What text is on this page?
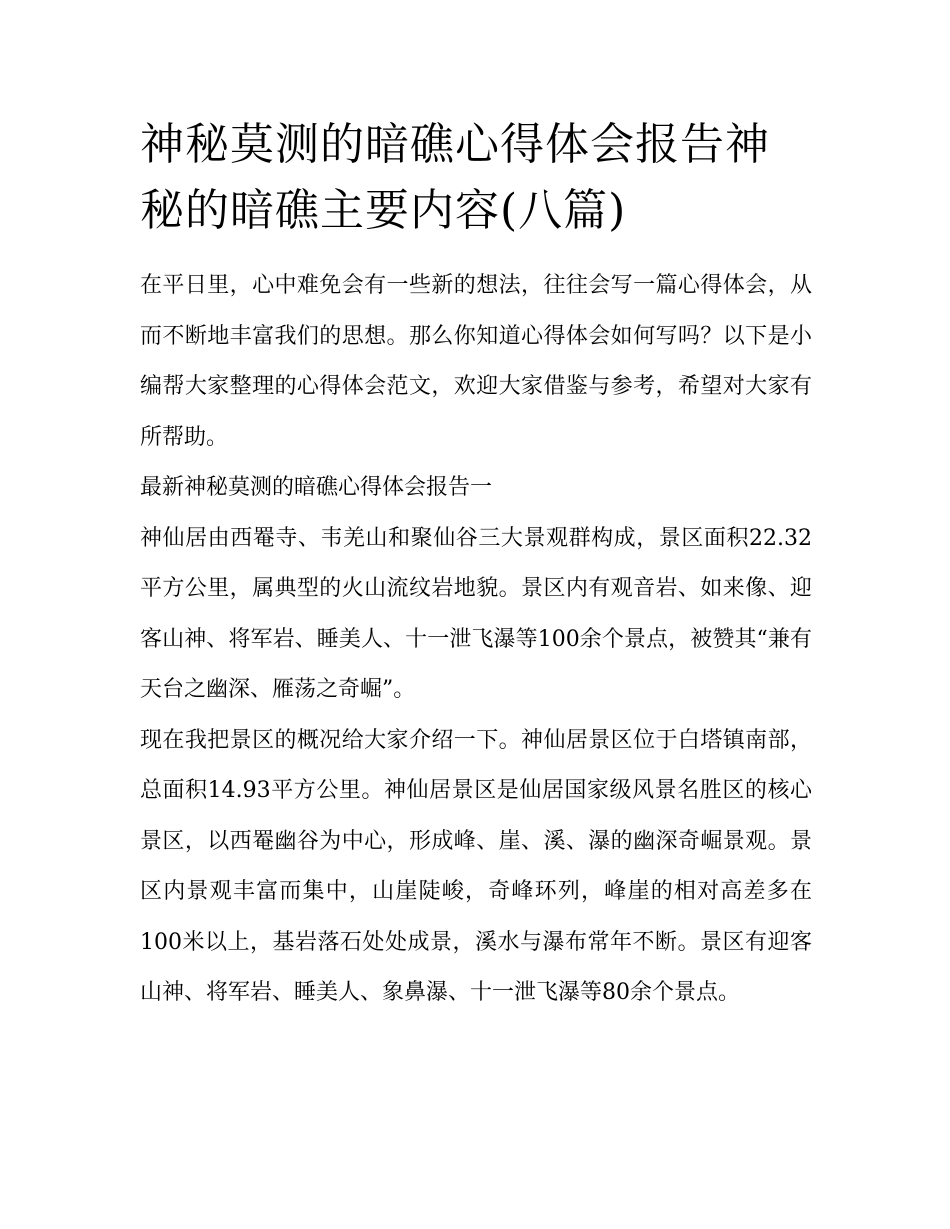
神秘莫测的暗礁心得体会报告神秘的暗礁主要内容(八篇)

在平日里，心中难免会有一些新的想法，往往会写一篇心得体会，从而不断地丰富我们的思想。那么你知道心得体会如何写吗？以下是小编帮大家整理的心得体会范文，欢迎大家借鉴与参考，希望对大家有所帮助。

最新神秘莫测的暗礁心得体会报告一

神仙居由西罨寺、韦羌山和聚仙谷三大景观群构成，景区面积22.32平方公里，属典型的火山流纹岩地貌。景区内有观音岩、如来像、迎客山神、将军岩、睡美人、十一泄飞瀑等100余个景点，被赞其“兼有天台之幽深、雁荡之奇崛”。

现在我把景区的概况给大家介绍一下。神仙居景区位于白塔镇南部，总面积14.93平方公里。神仙居景区是仙居国家级风景名胜区的核心景区，以西罨幽谷为中心，形成峰、崖、溪、瀑的幽深奇崛景观。景区内景观丰富而集中，山崖陡峻，奇峰环列，峰崖的相对高差多在100米以上，基岩落石处处成景，溪水与瀑布常年不断。景区有迎客山神、将军岩、睡美人、象鼻瀑、十一泄飞瀑等80余个景点。
